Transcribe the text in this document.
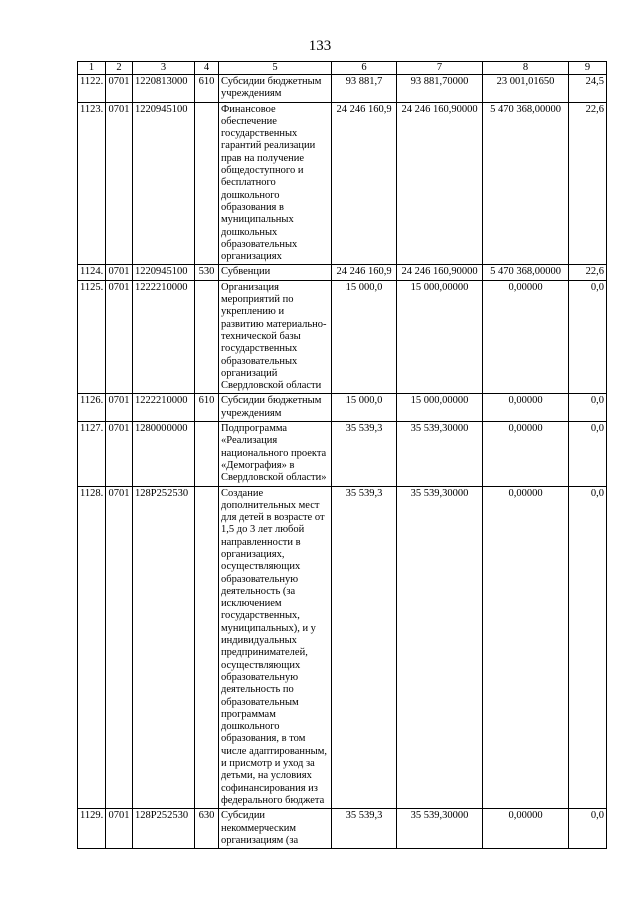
133
1	2	3	4	5	6	7	8	9
1122.	0701	1220813000	610	Субсидии бюджетным учреждениям	93 881,7	93 881,70000	23 001,01650	24,5
1123.	0701	1220945100		Финансовое обеспечение государственных гарантий реализации прав на получение общедоступного и бесплатного дошкольного образования в муниципальных дошкольных образовательных организациях	24 246 160,9	24 246 160,90000	5 470 368,00000	22,6
1124.	0701	1220945100	530	Субвенции	24 246 160,9	24 246 160,90000	5 470 368,00000	22,6
1125.	0701	1222210000		Организация мероприятий по укреплению и развитию материально-технической базы государственных образовательных организаций Свердловской области	15 000,0	15 000,00000	0,00000	0,0
1126.	0701	1222210000	610	Субсидии бюджетным учреждениям	15 000,0	15 000,00000	0,00000	0,0
1127.	0701	1280000000		Подпрограмма «Реализация национального проекта «Демография» в Свердловской области»	35 539,3	35 539,30000	0,00000	0,0
1128.	0701	128P252530		Создание дополнительных мест для детей в возрасте от 1,5 до 3 лет любой направленности в организациях, осуществляющих образовательную деятельность (за исключением государственных, муниципальных), и у индивидуальных предпринимателей, осуществляющих образовательную деятельность по образовательным программам дошкольного образования, в том числе адаптированным, и присмотр и уход за детьми, на условиях софинансирования из федерального бюджета	35 539,3	35 539,30000	0,00000	0,0
1129.	0701	128P252530	630	Субсидии некоммерческим организациям (за	35 539,3	35 539,30000	0,00000	0,0
